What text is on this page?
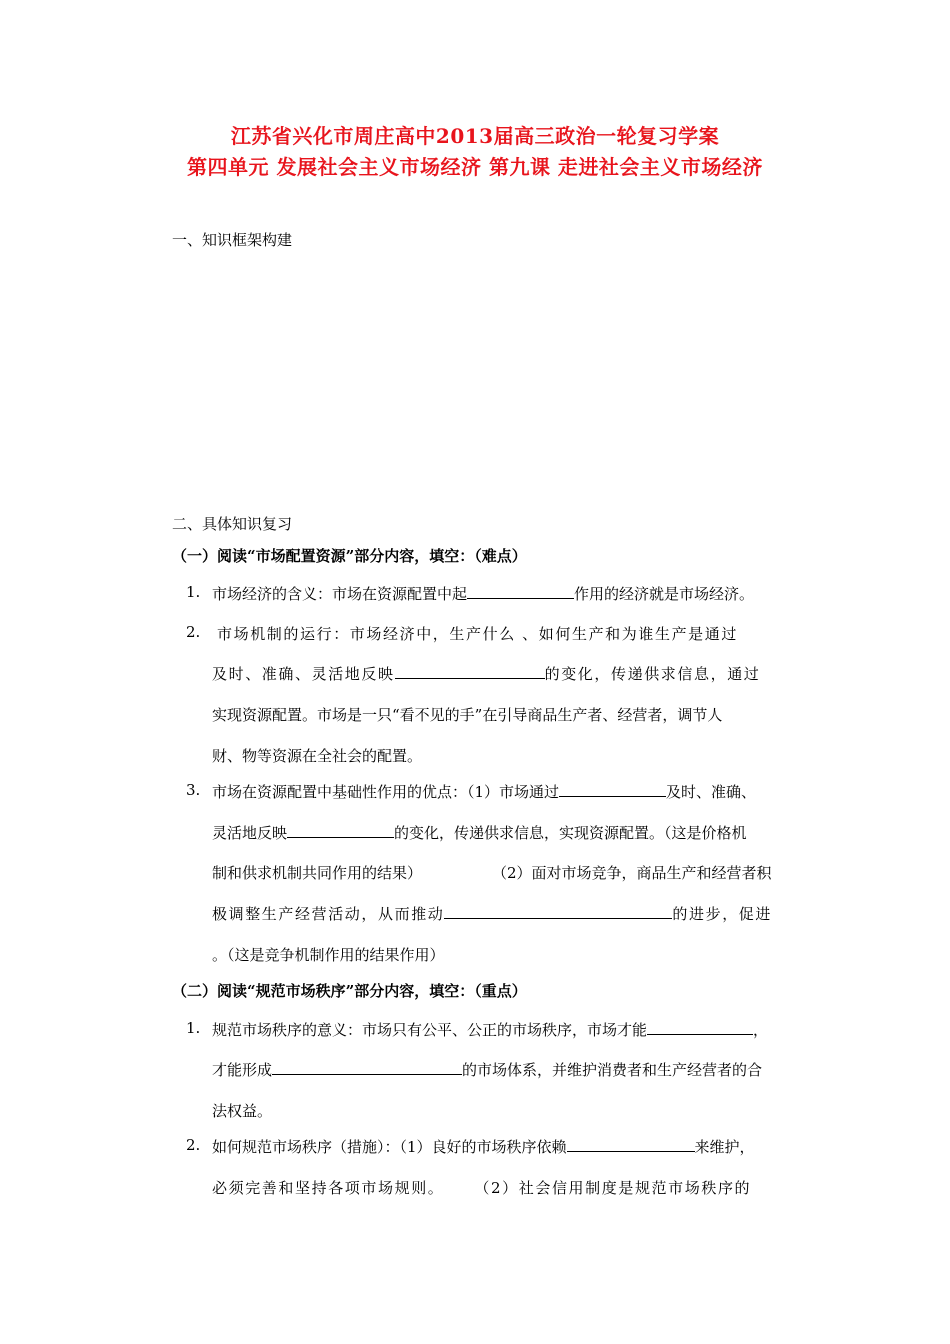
江苏省兴化市周庄高中2013届高三政治一轮复习学案
第四单元 发展社会主义市场经济 第九课 走进社会主义市场经济
一、知识框架构建
二、具体知识复习
（一）阅读“市场配置资源”部分内容，填空：（难点）
1. 市场经济的含义：市场在资源配置中起	作用的经济就是市场经济。
2. 市场机制的运行：市场经济中，生产什么 、如何生产和为谁生产是通过
及时、准确、灵活地反映	的变化，传递供求信息，通过
实现资源配置。市场是一只“看不见的手”在引导商品生产者、经营者，调节人
财、物等资源在全社会的配置。
3. 市场在资源配置中基础性作用的优点：（1）市场通过	及时、准确、
灵活地反映	的变化，传递供求信息，实现资源配置。（这是价格机
制和供求机制共同作用的结果）	（2）面对市场竞争，商品生产和经营者积
极调整生产经营活动，从而推动	的进步，促进
。（这是竞争机制作用的结果作用）
（二）阅读“规范市场秩序”部分内容，填空：（重点）
1. 规范市场秩序的意义：市场只有公平、公正的市场秩序，市场才能	，
才能形成	的市场体系，并维护消费者和生产经营者的合
法权益。
2. 如何规范市场秩序（措施）：（1）良好的市场秩序依赖	来维护，
必须完善和坚持各项市场规则。 （2）社会信用制度是规范市场秩序的
